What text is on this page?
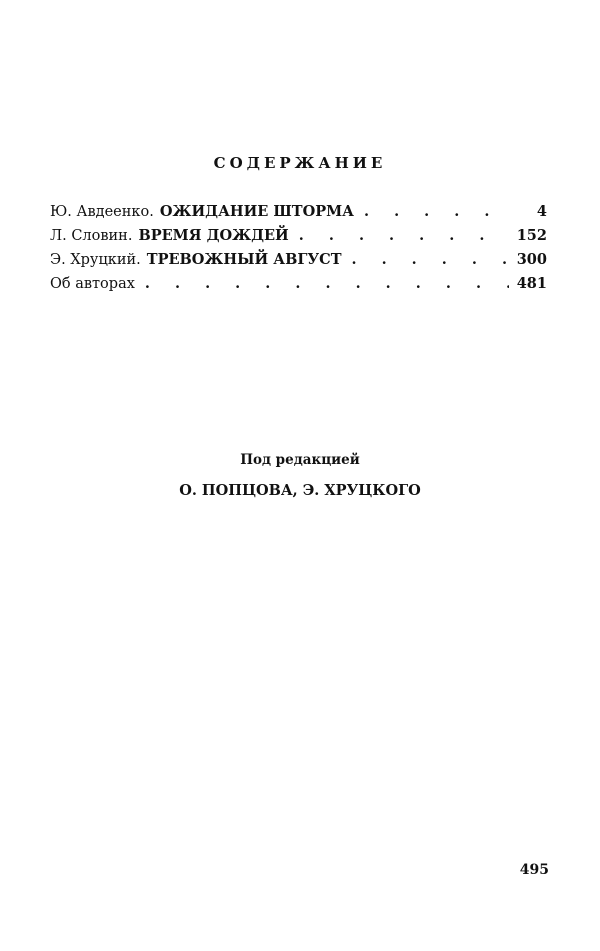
СОДЕРЖАНИЕ
Ю. Авдеенко. ОЖИДАНИЕ ШТОРМА . . .	4
Л. Словин. ВРЕМЯ ДОЖДЕЙ . . .	152
Э. Хруцкий. ТРЕВОЖНЫЙ АВГУСТ . . .	300
Об авторах . . .	481
Под редакцией
О. ПОПЦОВА, Э. ХРУЦКОГО
495
